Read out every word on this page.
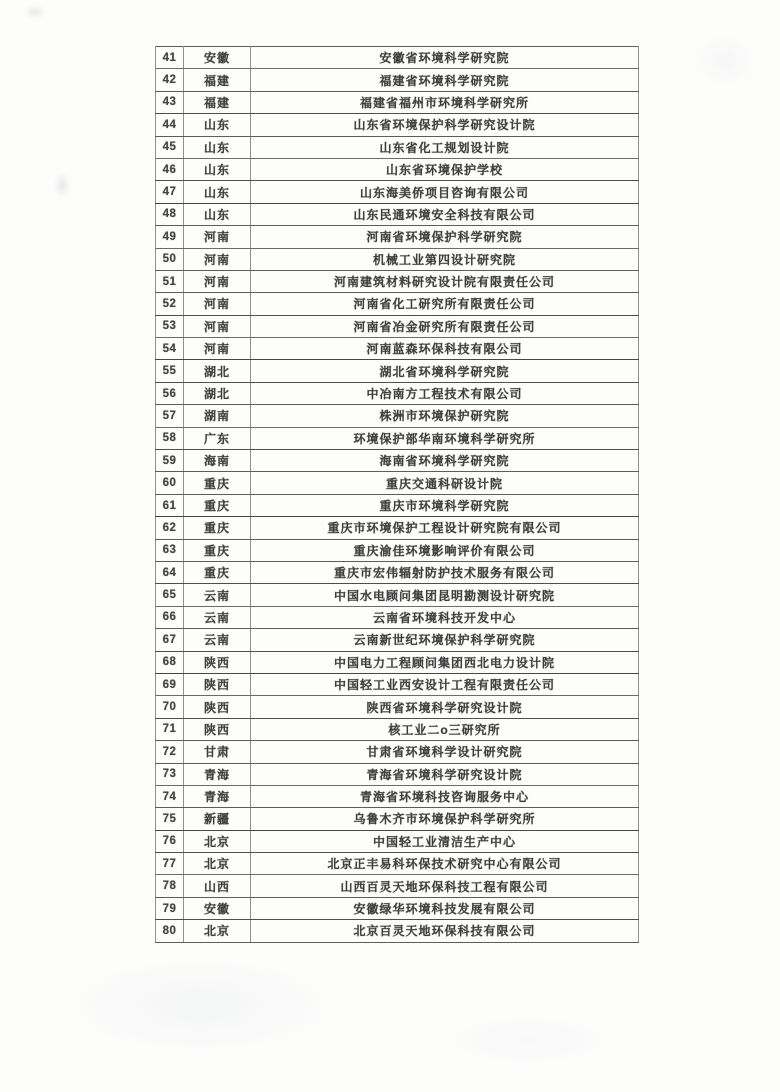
41	安徽	安徽省环境科学研究院
42	福建	福建省环境科学研究院
43	福建	福建省福州市环境科学研究所
44	山东	山东省环境保护科学研究设计院
45	山东	山东省化工规划设计院
46	山东	山东省环境保护学校
47	山东	山东海美侨项目咨询有限公司
48	山东	山东民通环境安全科技有限公司
49	河南	河南省环境保护科学研究院
50	河南	机械工业第四设计研究院
51	河南	河南建筑材料研究设计院有限责任公司
52	河南	河南省化工研究所有限责任公司
53	河南	河南省冶金研究所有限责任公司
54	河南	河南蓝森环保科技有限公司
55	湖北	湖北省环境科学研究院
56	湖北	中冶南方工程技术有限公司
57	湖南	株洲市环境保护研究院
58	广东	环境保护部华南环境科学研究所
59	海南	海南省环境科学研究院
60	重庆	重庆交通科研设计院
61	重庆	重庆市环境科学研究院
62	重庆	重庆市环境保护工程设计研究院有限公司
63	重庆	重庆渝佳环境影响评价有限公司
64	重庆	重庆市宏伟辐射防护技术服务有限公司
65	云南	中国水电顾问集团昆明勘测设计研究院
66	云南	云南省环境科技开发中心
67	云南	云南新世纪环境保护科学研究院
68	陕西	中国电力工程顾问集团西北电力设计院
69	陕西	中国轻工业西安设计工程有限责任公司
70	陕西	陕西省环境科学研究设计院
71	陕西	核工业二o三研究所
72	甘肃	甘肃省环境科学设计研究院
73	青海	青海省环境科学研究设计院
74	青海	青海省环境科技咨询服务中心
75	新疆	乌鲁木齐市环境保护科学研究所
76	北京	中国轻工业清洁生产中心
77	北京	北京正丰易科环保技术研究中心有限公司
78	山西	山西百灵天地环保科技工程有限公司
79	安徽	安徽绿华环境科技发展有限公司
80	北京	北京百灵天地环保科技有限公司
